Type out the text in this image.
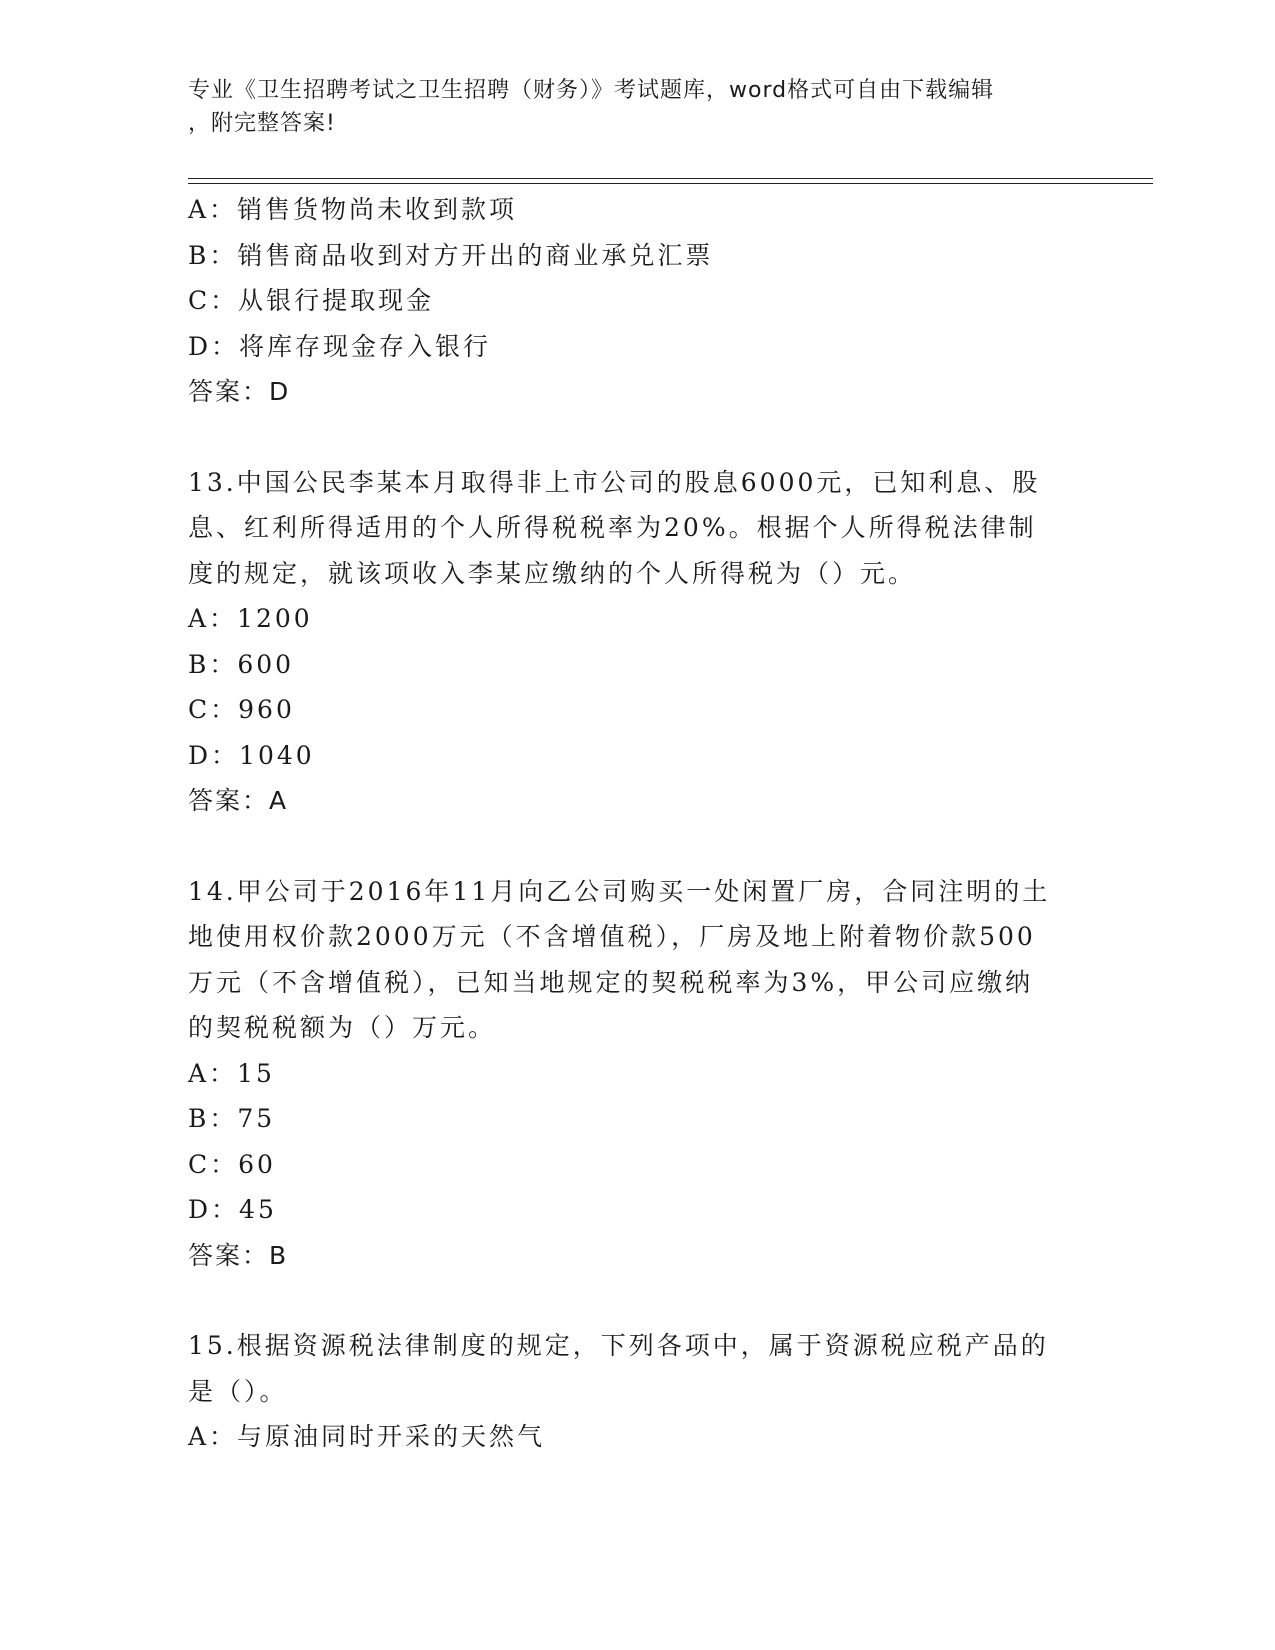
专业《卫生招聘考试之卫生招聘（财务）》考试题库，word格式可自由下载编辑
，附完整答案!
A：销售货物尚未收到款项
B：销售商品收到对方开出的商业承兑汇票
C：从银行提取现金
D：将库存现金存入银行
答案：D
13.中国公民李某本月取得非上市公司的股息6000元，已知利息、股
息、红利所得适用的个人所得税税率为20%。根据个人所得税法律制
度的规定，就该项收入李某应缴纳的个人所得税为（）元。
A：1200
B：600
C：960
D：1040
答案：A
14.甲公司于2016年11月向乙公司购买一处闲置厂房，合同注明的土
地使用权价款2000万元（不含增值税），厂房及地上附着物价款500
万元（不含增值税），已知当地规定的契税税率为3%，甲公司应缴纳
的契税税额为（）万元。
A：15
B：75
C：60
D：45
答案：B
15.根据资源税法律制度的规定，下列各项中，属于资源税应税产品的
是（）。
A：与原油同时开采的天然气
